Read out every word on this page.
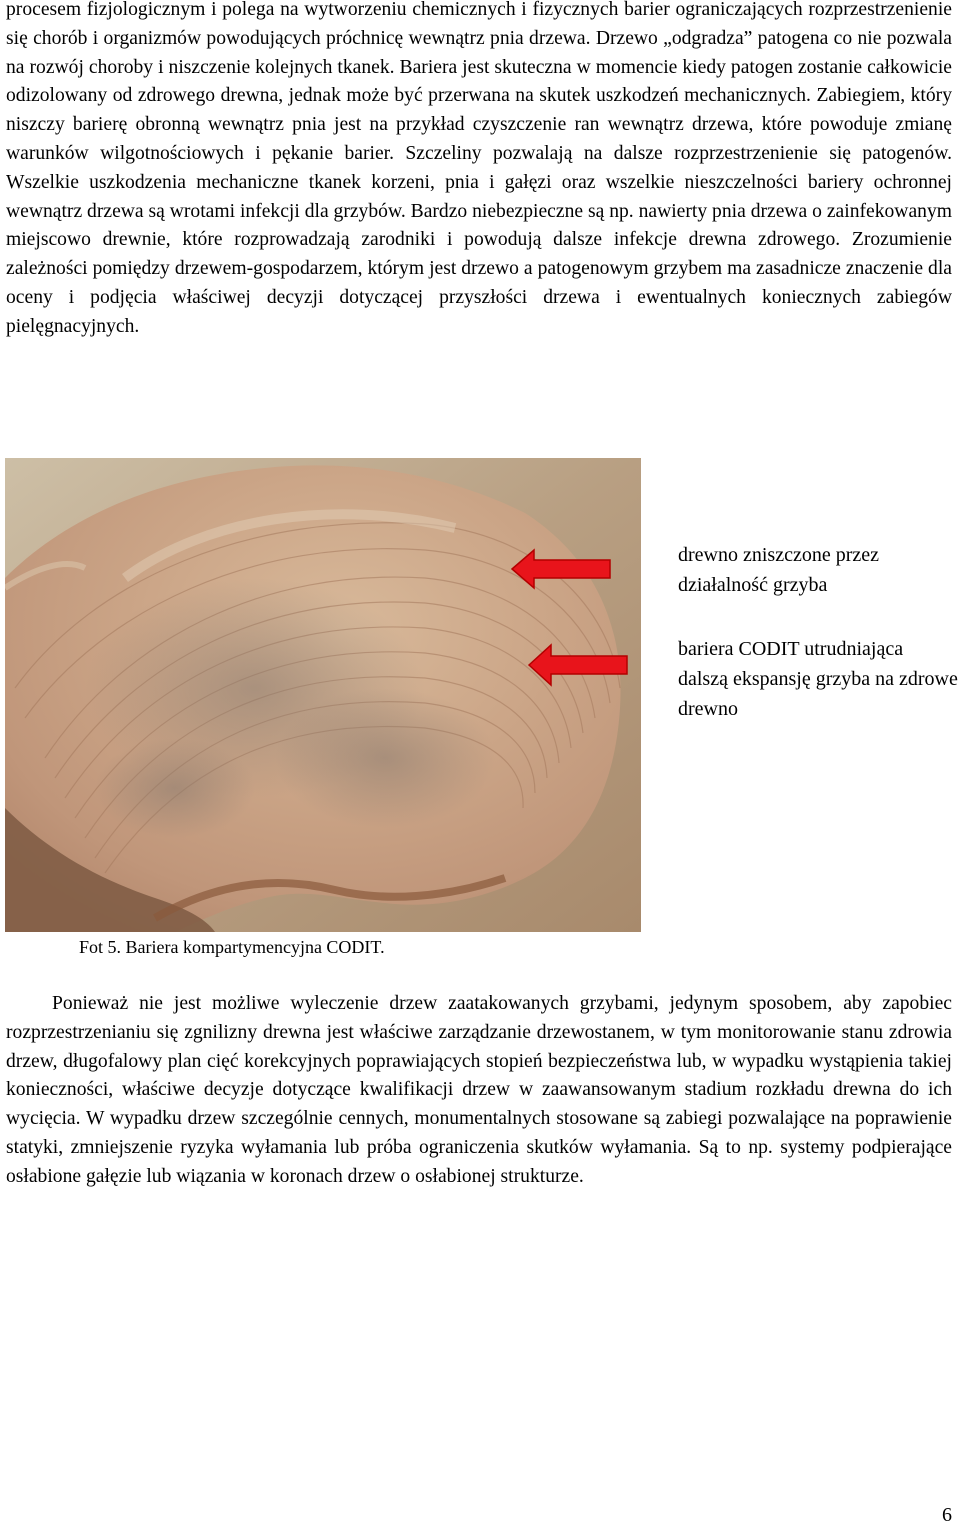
procesem fizjologicznym i polega na wytworzeniu chemicznych i fizycznych barier ograniczających rozprzestrzenienie się chorób i organizmów powodujących próchnicę wewnątrz pnia drzewa. Drzewo „odgradza” patogena co nie pozwala na rozwój choroby i niszczenie kolejnych tkanek. Bariera jest skuteczna w momencie kiedy patogen zostanie całkowicie odizolowany od zdrowego drewna, jednak może być przerwana na skutek uszkodzeń mechanicznych. Zabiegiem, który niszczy barierę obronną wewnątrz pnia jest na przykład czyszczenie ran wewnątrz drzewa, które powoduje zmianę warunków wilgotnościowych i pękanie barier. Szczeliny pozwalają na dalsze rozprzestrzenienie się patogenów. Wszelkie uszkodzenia mechaniczne tkanek korzeni, pnia i gałęzi oraz wszelkie nieszczelności bariery ochronnej wewnątrz drzewa są wrotami infekcji dla grzybów. Bardzo niebezpieczne są np. nawierty pnia drzewa o zainfekowanym miejscowo drewnie, które rozprowadzają zarodniki i powodują dalsze infekcje drewna zdrowego. Zrozumienie zależności pomiędzy drzewem-gospodarzem, którym jest drzewo a patogenowym grzybem ma zasadnicze znaczenie dla oceny i podjęcia właściwej decyzji dotyczącej przyszłości drzewa i ewentualnych koniecznych zabiegów pielęgnacyjnych.

drewno zniszczone przez działalność grzyba

bariera CODIT utrudniająca dalszą ekspansję grzyba na zdrowe drewno

Fot 5. Bariera kompartymencyjna CODIT.

Ponieważ nie jest możliwe wyleczenie drzew zaatakowanych grzybami, jedynym sposobem, aby zapobiec rozprzestrzenianiu się zgnilizny drewna jest właściwe zarządzanie drzewostanem, w tym monitorowanie stanu zdrowia drzew, długofalowy plan cięć korekcyjnych poprawiających stopień bezpieczeństwa lub, w wypadku wystąpienia takiej konieczności, właściwe decyzje dotyczące kwalifikacji drzew w zaawansowanym stadium rozkładu drewna do ich wycięcia. W wypadku drzew szczególnie cennych, monumentalnych stosowane są zabiegi pozwalające na poprawienie statyki, zmniejszenie ryzyka wyłamania lub próba ograniczenia skutków wyłamania. Są to np. systemy podpierające osłabione gałęzie lub wiązania w koronach drzew o osłabionej strukturze.

6
